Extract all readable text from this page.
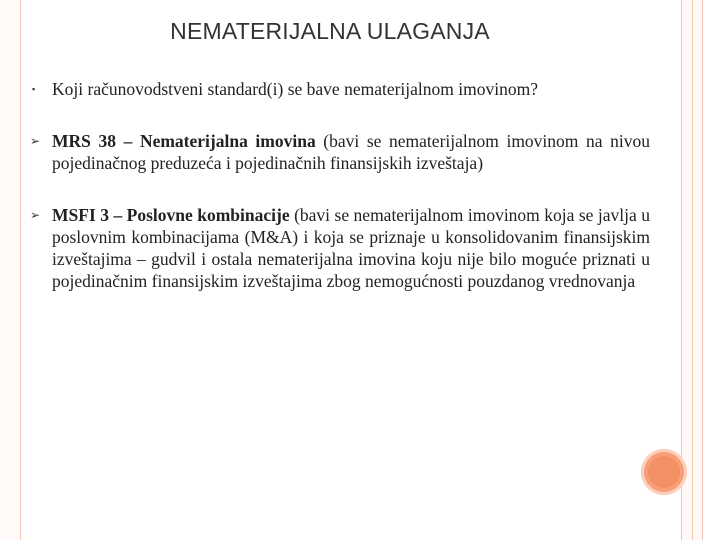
NEMATERIJALNA ULAGANJA
▪ Koji računovodstveni standard(i) se bave nematerijalnom imovinom?
➢ MRS 38 – Nematerijalna imovina (bavi se nematerijalnom imovinom na nivou pojedinačnog preduzeća i pojedinačnih finansijskih izveštaja)
➢ MSFI 3 – Poslovne kombinacije (bavi se nematerijalnom imovinom koja se javlja u poslovnim kombinacijama (M&A) i koja se priznaje u konsolidovanim finansijskim izveštajima – gudvil i ostala nematerijalna imovina koju nije bilo moguće priznati u pojedinačnim finansijskim izveštajima zbog nemogućnosti pouzdanog vrednovanja
